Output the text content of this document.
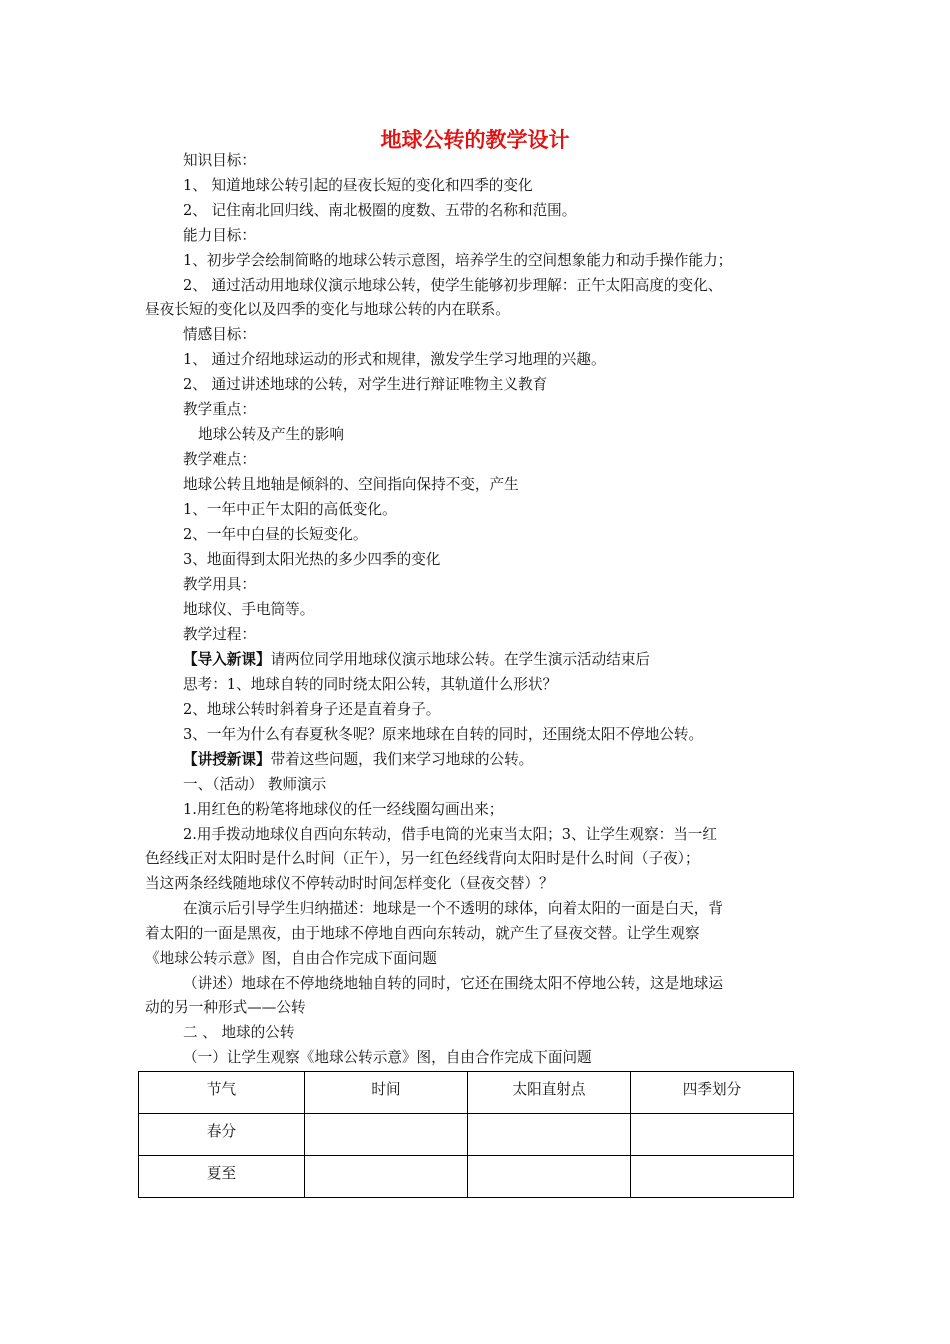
地球公转的教学设计
知识目标：
1、 知道地球公转引起的昼夜长短的变化和四季的变化
2、 记住南北回归线、南北极圈的度数、五带的名称和范围。
能力目标：
1、初步学会绘制简略的地球公转示意图，培养学生的空间想象能力和动手操作能力；
2、 通过活动用地球仪演示地球公转，使学生能够初步理解：正午太阳高度的变化、
昼夜长短的变化以及四季的变化与地球公转的内在联系。
情感目标：
1、 通过介绍地球运动的形式和规律，激发学生学习地理的兴趣。
2、 通过讲述地球的公转，对学生进行辩证唯物主义教育
教学重点：
地球公转及产生的影响
教学难点：
地球公转且地轴是倾斜的、空间指向保持不变，产生
1、一年中正午太阳的高低变化。
2、一年中白昼的长短变化。
3、地面得到太阳光热的多少四季的变化
教学用具：
地球仪、手电筒等。
教学过程：
【导入新课】请两位同学用地球仪演示地球公转。在学生演示活动结束后
思考：1、地球自转的同时绕太阳公转，其轨道什么形状？
2、地球公转时斜着身子还是直着身子。
3、一年为什么有春夏秋冬呢？原来地球在自转的同时，还围绕太阳不停地公转。
【讲授新课】带着这些问题，我们来学习地球的公转。
一、（活动） 教师演示
1.用红色的粉笔将地球仪的任一经线圈勾画出来；
2.用手拨动地球仪自西向东转动，借手电筒的光束当太阳；3、让学生观察：当一红
色经线正对太阳时是什么时间（正午），另一红色经线背向太阳时是什么时间（子夜）；
当这两条经线随地球仪不停转动时时间怎样变化（昼夜交替）？
在演示后引导学生归纳描述：地球是一个不透明的球体，向着太阳的一面是白天，背
着太阳的一面是黑夜，由于地球不停地自西向东转动，就产生了昼夜交替。让学生观察
《地球公转示意》图，自由合作完成下面问题
（讲述）地球在不停地绕地轴自转的同时，它还在围绕太阳不停地公转，这是地球运
动的另一种形式——公转
二 、 地球的公转
（一）让学生观察《地球公转示意》图，自由合作完成下面问题
节气	时间	太阳直射点	四季划分
春分			
夏至			
